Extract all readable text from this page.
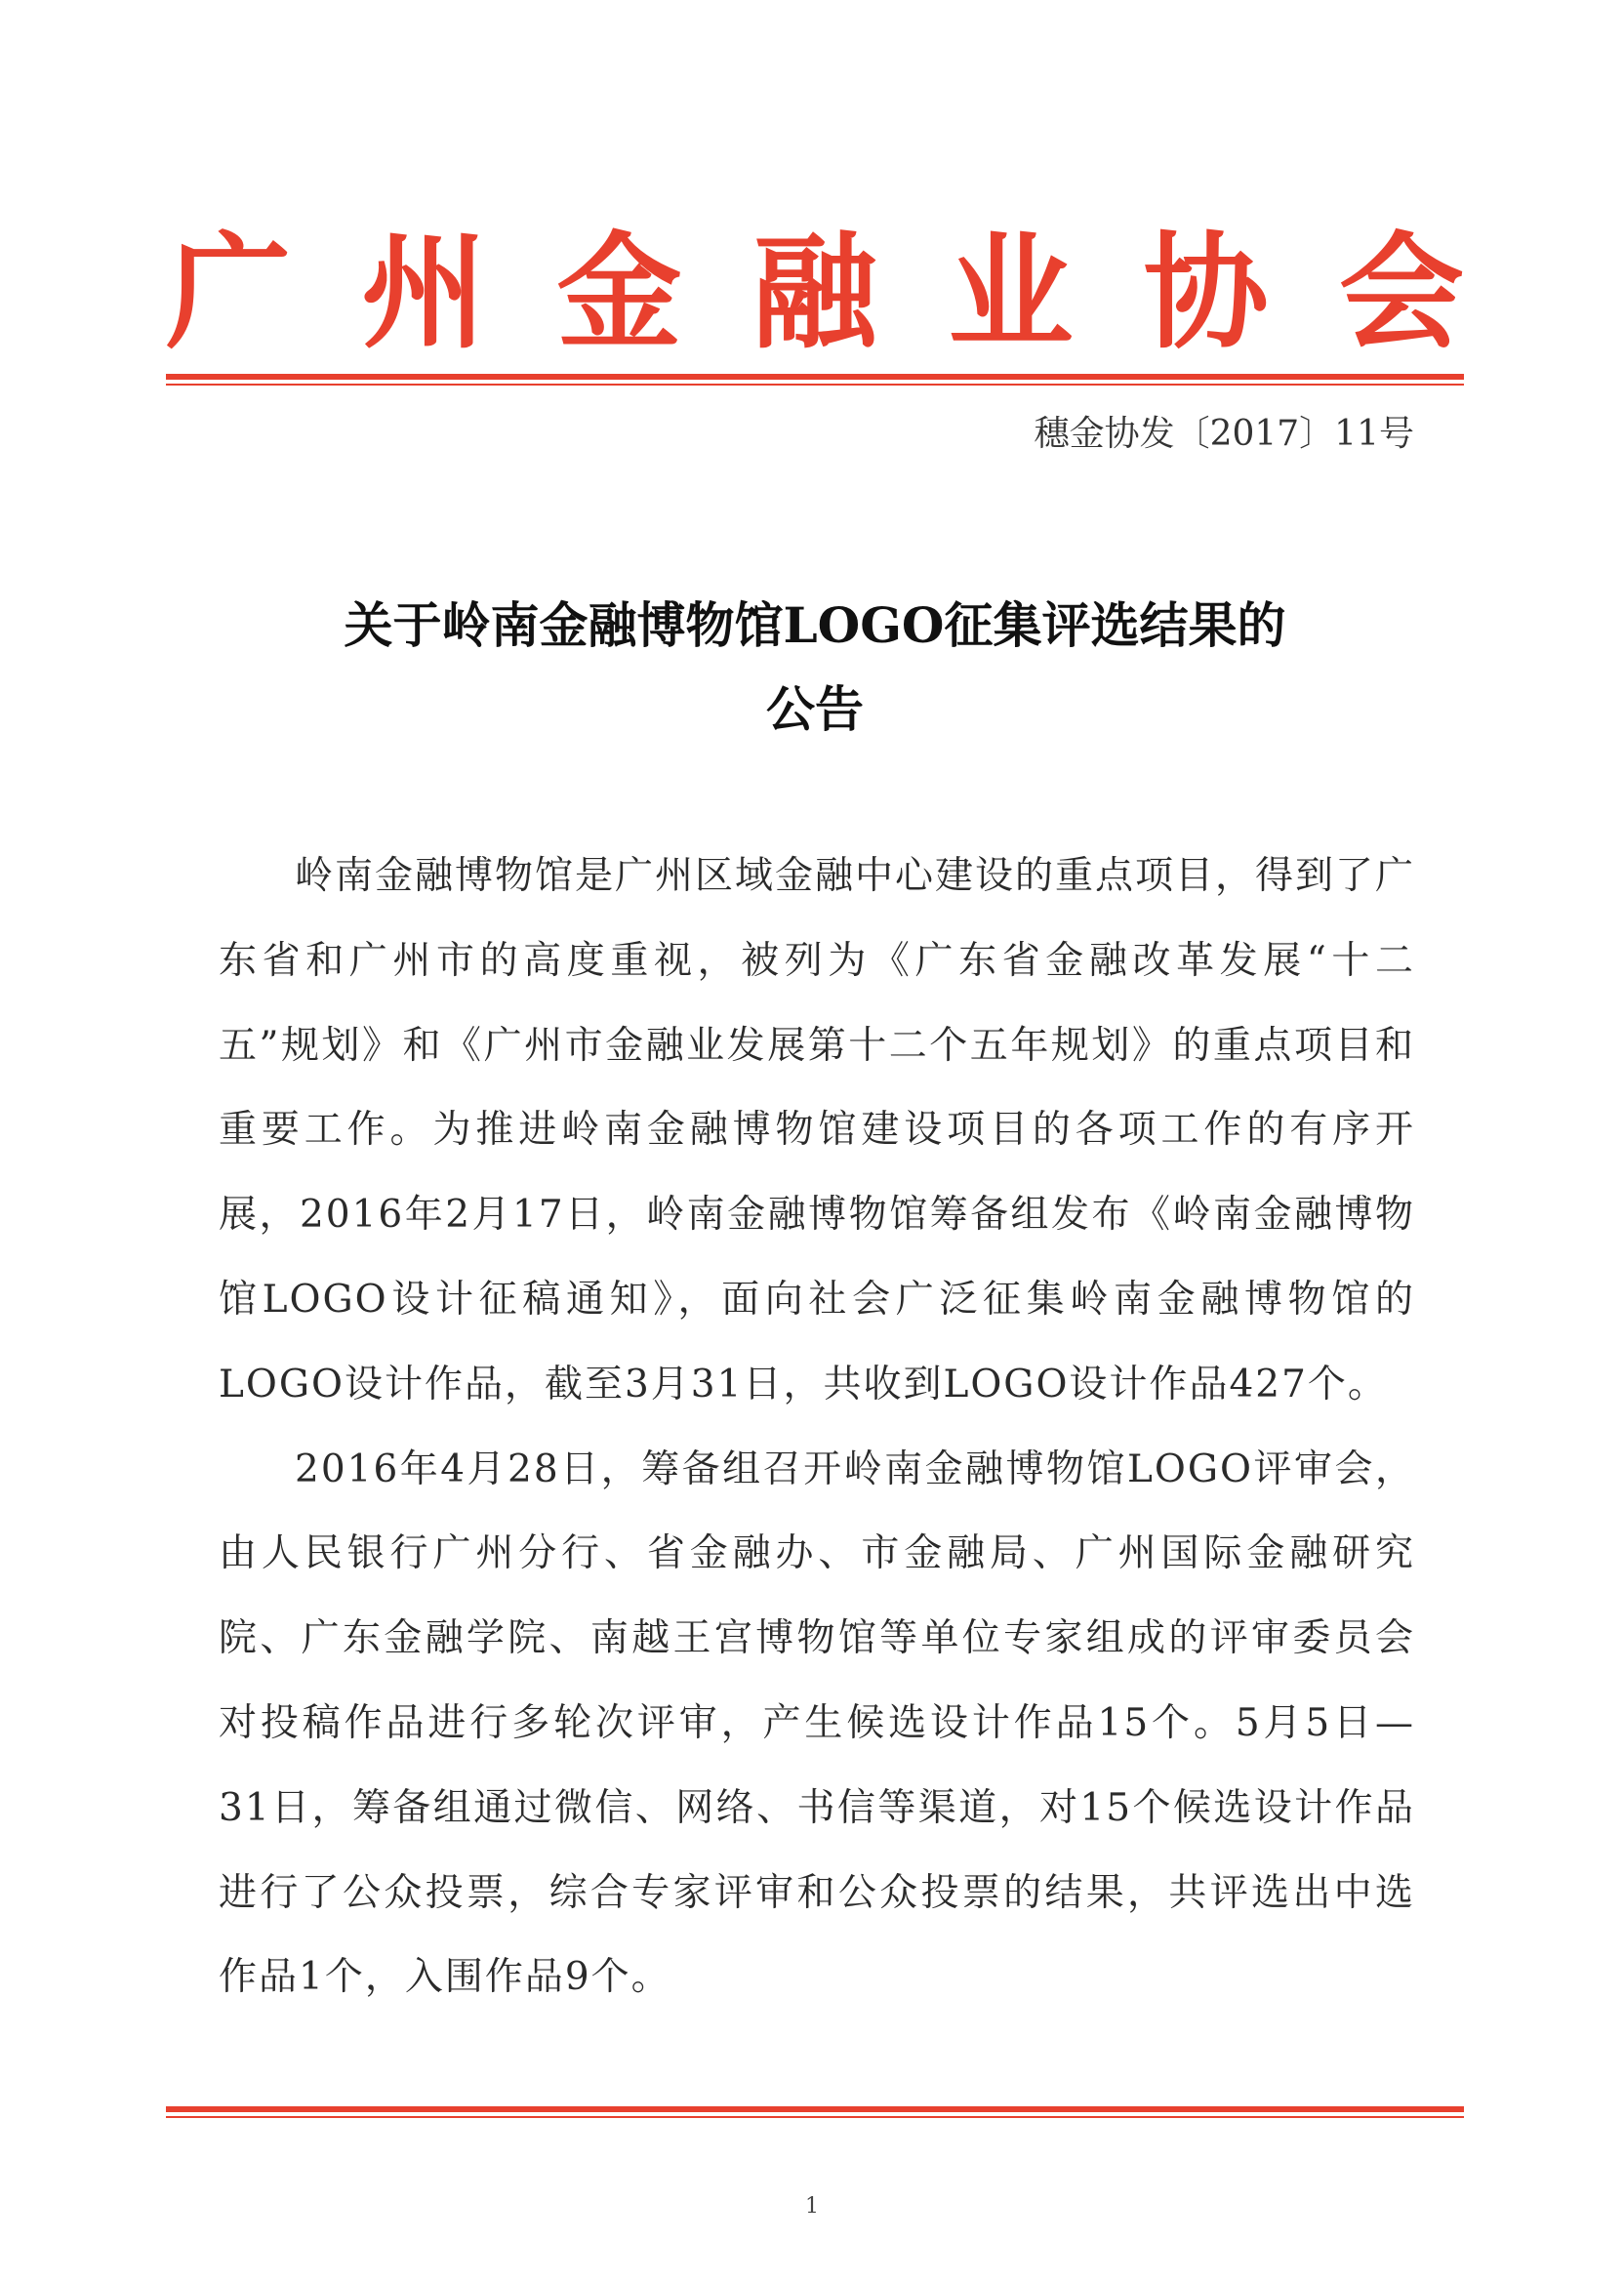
广 州 金 融 业 协 会
穗金协发〔2017〕11号
关于岭南金融博物馆LOGO征集评选结果的
公告

岭南金融博物馆是广州区域金融中心建设的重点项目，得到了广东省和广州市的高度重视，被列为《广东省金融改革发展“十二五”规划》和《广州市金融业发展第十二个五年规划》的重点项目和重要工作。为推进岭南金融博物馆建设项目的各项工作的有序开展，2016年2月17日，岭南金融博物馆筹备组发布《岭南金融博物馆LOGO设计征稿通知》，面向社会广泛征集岭南金融博物馆的LOGO设计作品，截至3月31日，共收到LOGO设计作品427个。

2016年4月28日，筹备组召开岭南金融博物馆LOGO评审会，由人民银行广州分行、省金融办、市金融局、广州国际金融研究院、广东金融学院、南越王宫博物馆等单位专家组成的评审委员会对投稿作品进行多轮次评审，产生候选设计作品15个。5月5日—31日，筹备组通过微信、网络、书信等渠道，对15个候选设计作品进行了公众投票，综合专家评审和公众投票的结果，共评选出中选作品1个，入围作品9个。

1
